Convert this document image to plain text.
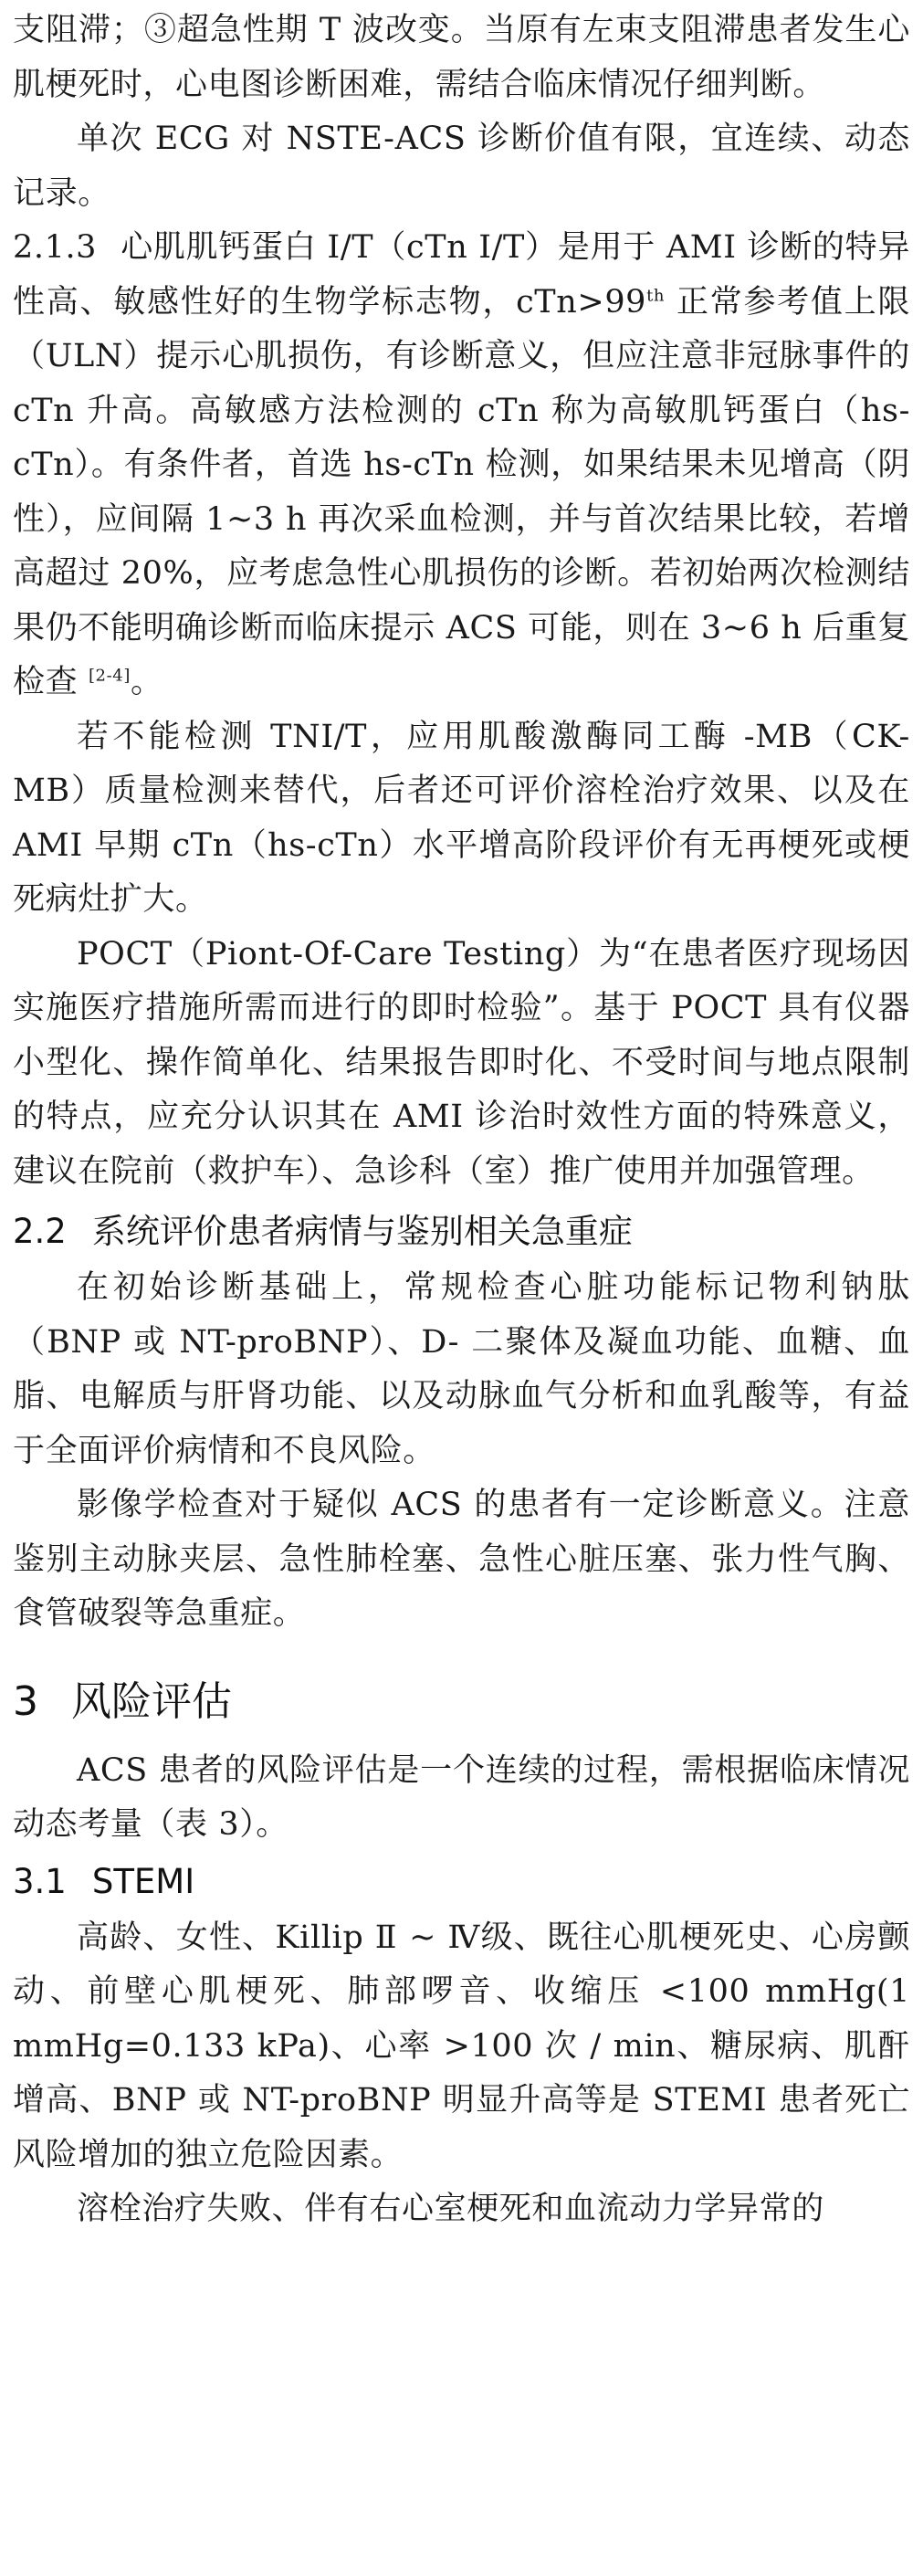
支阻滞；③超急性期 T 波改变。当原有左束支阻滞患者发生心肌梗死时，心电图诊断困难，需结合临床情况仔细判断。

单次 ECG 对 NSTE-ACS 诊断价值有限，宜连续、动态记录。

2.1.3 心肌肌钙蛋白 I/T（cTn I/T）是用于 AMI 诊断的特异性高、敏感性好的生物学标志物，cTn>99th 正常参考值上限（ULN）提示心肌损伤，有诊断意义，但应注意非冠脉事件的 cTn 升高。高敏感方法检测的 cTn 称为高敏肌钙蛋白（hs-cTn）。有条件者，首选 hs-cTn 检测，如果结果未见增高（阴性），应间隔 1~3 h 再次采血检测，并与首次结果比较，若增高超过 20%，应考虑急性心肌损伤的诊断。若初始两次检测结果仍不能明确诊断而临床提示 ACS 可能，则在 3~6 h 后重复检查 [2-4]。

若不能检测 TNI/T，应用肌酸激酶同工酶 -MB（CK-MB）质量检测来替代，后者还可评价溶栓治疗效果、以及在 AMI 早期 cTn（hs-cTn）水平增高阶段评价有无再梗死或梗死病灶扩大。

POCT（Piont-Of-Care Testing）为“在患者医疗现场因实施医疗措施所需而进行的即时检验”。基于 POCT 具有仪器小型化、操作简单化、结果报告即时化、不受时间与地点限制的特点，应充分认识其在 AMI 诊治时效性方面的特殊意义，建议在院前（救护车）、急诊科（室）推广使用并加强管理。

2.2 系统评价患者病情与鉴别相关急重症

在初始诊断基础上，常规检查心脏功能标记物利钠肽（BNP 或 NT-proBNP）、D- 二聚体及凝血功能、血糖、血脂、电解质与肝肾功能、以及动脉血气分析和血乳酸等，有益于全面评价病情和不良风险。

影像学检查对于疑似 ACS 的患者有一定诊断意义。注意鉴别主动脉夹层、急性肺栓塞、急性心脏压塞、张力性气胸、食管破裂等急重症。

3 风险评估

ACS 患者的风险评估是一个连续的过程，需根据临床情况动态考量（表 3）。

3.1 STEMI

高龄、女性、Killip Ⅱ ~ Ⅳ级、既往心肌梗死史、心房颤动、前壁心肌梗死、肺部啰音、收缩压 <100 mmHg(1 mmHg=0.133 kPa)、心率 >100 次 / min、糖尿病、肌酐增高、BNP 或 NT-proBNP 明显升高等是 STEMI 患者死亡风险增加的独立危险因素。

溶栓治疗失败、伴有右心室梗死和血流动力学异常的
